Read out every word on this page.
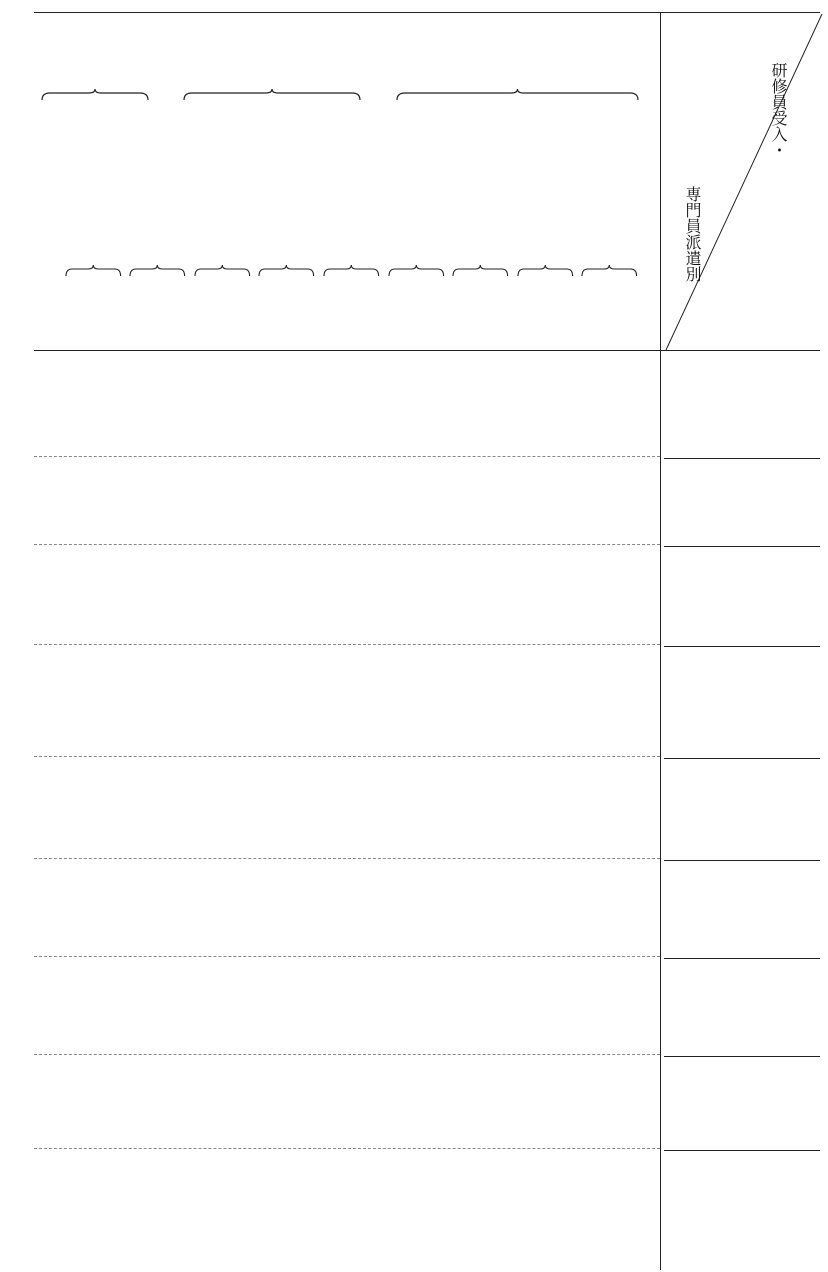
研修員受入・
専門員派遣別
